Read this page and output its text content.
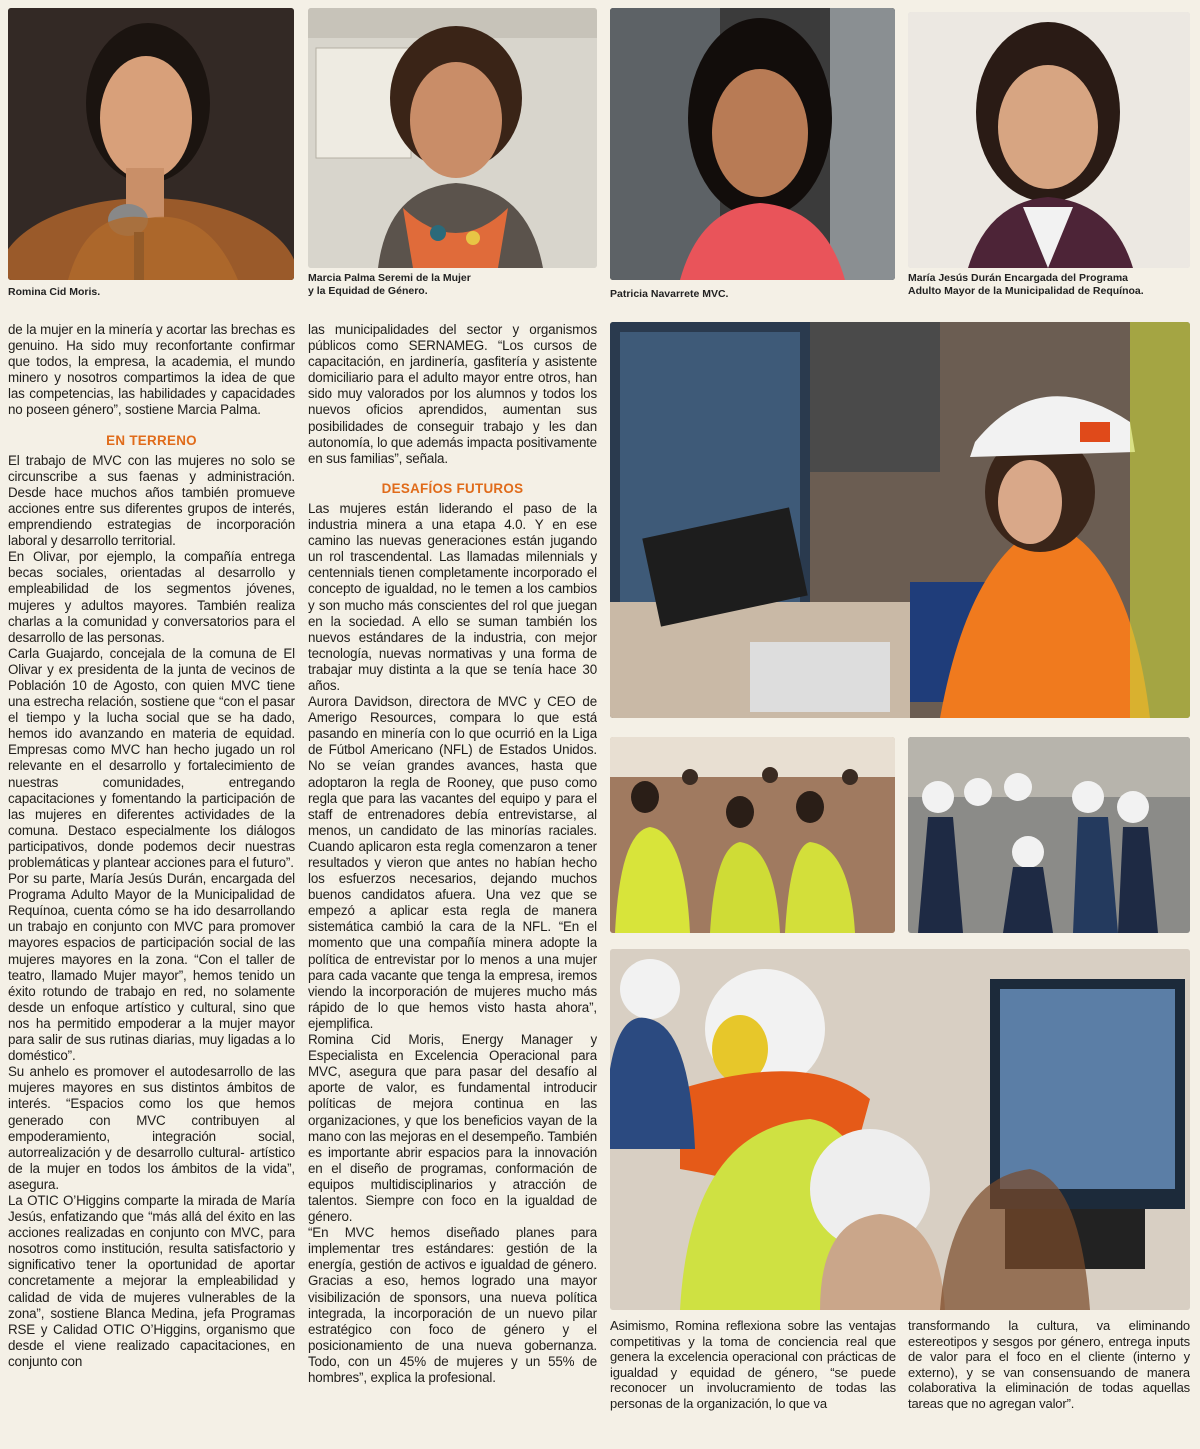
Romina Cid Moris.
Marcia Palma Seremi de la Mujer
y la Equidad de Género.	Patricia Navarrete MVC.
María Jesús Durán Encargada del Programa
Adulto Mayor de la Municipalidad de Requínoa.

de la mujer en la minería y acortar las brechas es genuino. Ha sido muy reconfortante confirmar que todos, la empresa, la academia, el mundo minero y nosotros compartimos la idea de que las competencias, las habilidades y capacidades no poseen género”, sostiene Marcia Palma.

EN TERRENO

El trabajo de MVC con las mujeres no solo se circunscribe a sus faenas y administración. Desde hace muchos años también promueve acciones entre sus diferentes grupos de interés, emprendiendo estrategias de incorporación laboral y desarrollo territorial.

En Olivar, por ejemplo, la compañía entrega becas sociales, orientadas al desarrollo y empleabilidad de los segmentos jóvenes, mujeres y adultos mayores. También realiza charlas a la comunidad y conversatorios para el desarrollo de las personas.

Carla Guajardo, concejala de la comuna de El Olivar y ex presidenta de la junta de vecinos de Población 10 de Agosto, con quien MVC tiene una estrecha relación, sostiene que “con el pasar el tiempo y la lucha social que se ha dado, hemos ido avanzando en materia de equidad. Empresas como MVC han hecho jugado un rol relevante en el desarrollo y fortalecimiento de nuestras comunidades, entregando capacitaciones y fomentando la participación de las mujeres en diferentes actividades de la comuna. Destaco especialmente los diálogos participativos, donde podemos decir nuestras problemáticas y plantear acciones para el futuro”.

Por su parte, María Jesús Durán, encargada del Programa Adulto Mayor de la Municipalidad de Requínoa, cuenta cómo se ha ido desarrollando un trabajo en conjunto con MVC para promover mayores espacios de participación social de las mujeres mayores en la zona. “Con el taller de teatro, llamado Mujer mayor”, hemos tenido un éxito rotundo de trabajo en red, no solamente desde un enfoque artístico y cultural, sino que nos ha permitido empoderar a la mujer mayor para salir de sus rutinas diarias, muy ligadas a lo doméstico”.

Su anhelo es promover el autodesarrollo de las mujeres mayores en sus distintos ámbitos de interés. “Espacios como los que hemos generado con MVC contribuyen al empoderamiento, integración social, autorrealización y de desarrollo cultural- artístico de la mujer en todos los ámbitos de la vida”, asegura.

La OTIC O’Higgins comparte la mirada de María Jesús, enfatizando que “más allá del éxito en las acciones realizadas en conjunto con MVC, para nosotros como institución, resulta satisfactorio y significativo tener la oportunidad de aportar concretamente a mejorar la empleabilidad y calidad de vida de mujeres vulnerables de la zona”, sostiene Blanca Medina, jefa Programas RSE y Calidad OTIC O’Higgins, organismo que desde el viene realizado capacitaciones, en conjunto con

las municipalidades del sector y organismos públicos como SERNAMEG. “Los cursos de capacitación, en jardinería, gasfitería y asistente domiciliario para el adulto mayor entre otros, han sido muy valorados por los alumnos y todos los nuevos oficios aprendidos, aumentan sus posibilidades de conseguir trabajo y les dan autonomía, lo que además impacta positivamente en sus familias”, señala.

DESAFÍOS FUTUROS

Las mujeres están liderando el paso de la industria minera a una etapa 4.0. Y en ese camino las nuevas generaciones están jugando un rol trascendental. Las llamadas milennials y centennials tienen completamente incorporado el concepto de igualdad, no le temen a los cambios y son mucho más conscientes del rol que juegan en la sociedad. A ello se suman también los nuevos estándares de la industria, con mejor tecnología, nuevas normativas y una forma de trabajar muy distinta a la que se tenía hace 30 años.

Aurora Davidson, directora de MVC y CEO de Amerigo Resources, compara lo que está pasando en minería con lo que ocurrió en la Liga de Fútbol Americano (NFL) de Estados Unidos. No se veían grandes avances, hasta que adoptaron la regla de Rooney, que puso como regla que para las vacantes del equipo y para el staff de entrenadores debía entrevistarse, al menos, un candidato de las minorías raciales. Cuando aplicaron esta regla comenzaron a tener resultados y vieron que antes no habían hecho los esfuerzos necesarios, dejando muchos buenos candidatos afuera. Una vez que se empezó a aplicar esta regla de manera sistemática cambió la cara de la NFL. “En el momento que una compañía minera adopte la política de entrevistar por lo menos a una mujer para cada vacante que tenga la empresa, iremos viendo la incorporación de mujeres mucho más rápido de lo que hemos visto hasta ahora”, ejemplifica.

Romina Cid Moris, Energy Manager y Especialista en Excelencia Operacional para MVC, asegura que para pasar del desafío al aporte de valor, es fundamental introducir políticas de mejora continua en las organizaciones, y que los beneficios vayan de la mano con las mejoras en el desempeño. También es importante abrir espacios para la innovación en el diseño de programas, conformación de equipos multidisciplinarios y atracción de talentos. Siempre con foco en la igualdad de género.

“En MVC hemos diseñado planes para implementar tres estándares: gestión de la energía, gestión de activos e igualdad de género. Gracias a eso, hemos logrado una mayor visibilización de sponsors, una nueva política integrada, la incorporación de un nuevo pilar estratégico con foco de género y el posicionamiento de una nueva gobernanza. Todo, con un 45% de mujeres y un 55% de hombres”, explica la profesional.

Asimismo, Romina reflexiona sobre las ventajas competitivas y la toma de conciencia real que genera la excelencia operacional con prácticas de igualdad y equidad de género, “se puede reconocer un involucramiento de todas las personas de la organización, lo que va

transformando la cultura, va eliminando estereotipos y sesgos por género, entrega inputs de valor para el foco en el cliente (interno y externo), y se van consensuando de manera colaborativa la eliminación de todas aquellas tareas que no agregan valor”.
